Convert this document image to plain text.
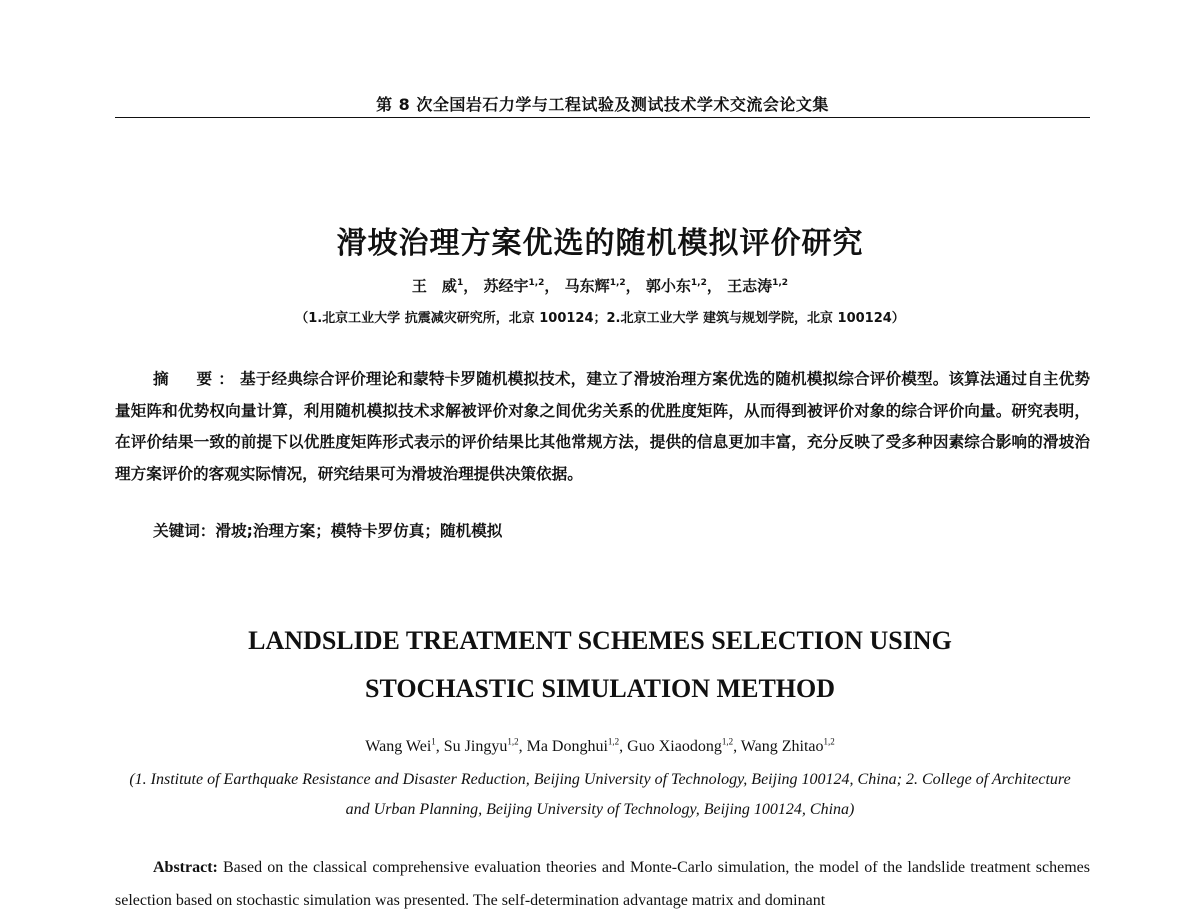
第 8 次全国岩石力学与工程试验及测试技术学术交流会论文集
滑坡治理方案优选的随机模拟评价研究
王　威$^1$， 苏经宇$^{1,2}$， 马东辉$^{1,2}$， 郭小东$^{1,2}$， 王志涛$^{1,2}$
（1.北京工业大学 抗震减灾研究所，北京 100124；2.北京工业大学 建筑与规划学院，北京 100124）
摘　要：基于经典综合评价理论和蒙特卡罗随机模拟技术，建立了滑坡治理方案优选的随机模拟综合评价模型。该算法通过自主优势量矩阵和优势权向量计算，利用随机模拟技术求解被评价对象之间优劣关系的优胜度矩阵，从而得到被评价对象的综合评价向量。研究表明，在评价结果一致的前提下以优胜度矩阵形式表示的评价结果比其他常规方法，提供的信息更加丰富，充分反映了受多种因素综合影响的滑坡治理方案评价的客观实际情况，研究结果可为滑坡治理提供决策依据。
关键词：滑坡;治理方案；模特卡罗仿真；随机模拟
LANDSLIDE TREATMENT SCHEMES SELECTION USING
STOCHASTIC SIMULATION METHOD
Wang Wei$^1$, Su Jingyu$^{1,2}$, Ma Donghui$^{1,2}$, Guo Xiaodong$^{1,2}$, Wang Zhitao$^{1,2}$
(1. Institute of Earthquake Resistance and Disaster Reduction, Beijing University of Technology, Beijing 100124, China; 2. College of Architecture and Urban Planning, Beijing University of Technology, Beijing 100124, China)
Abstract: Based on the classical comprehensive evaluation theories and Monte-Carlo simulation, the model of the landslide treatment schemes selection based on stochastic simulation was presented. The self-determination advantage matrix and dominant
